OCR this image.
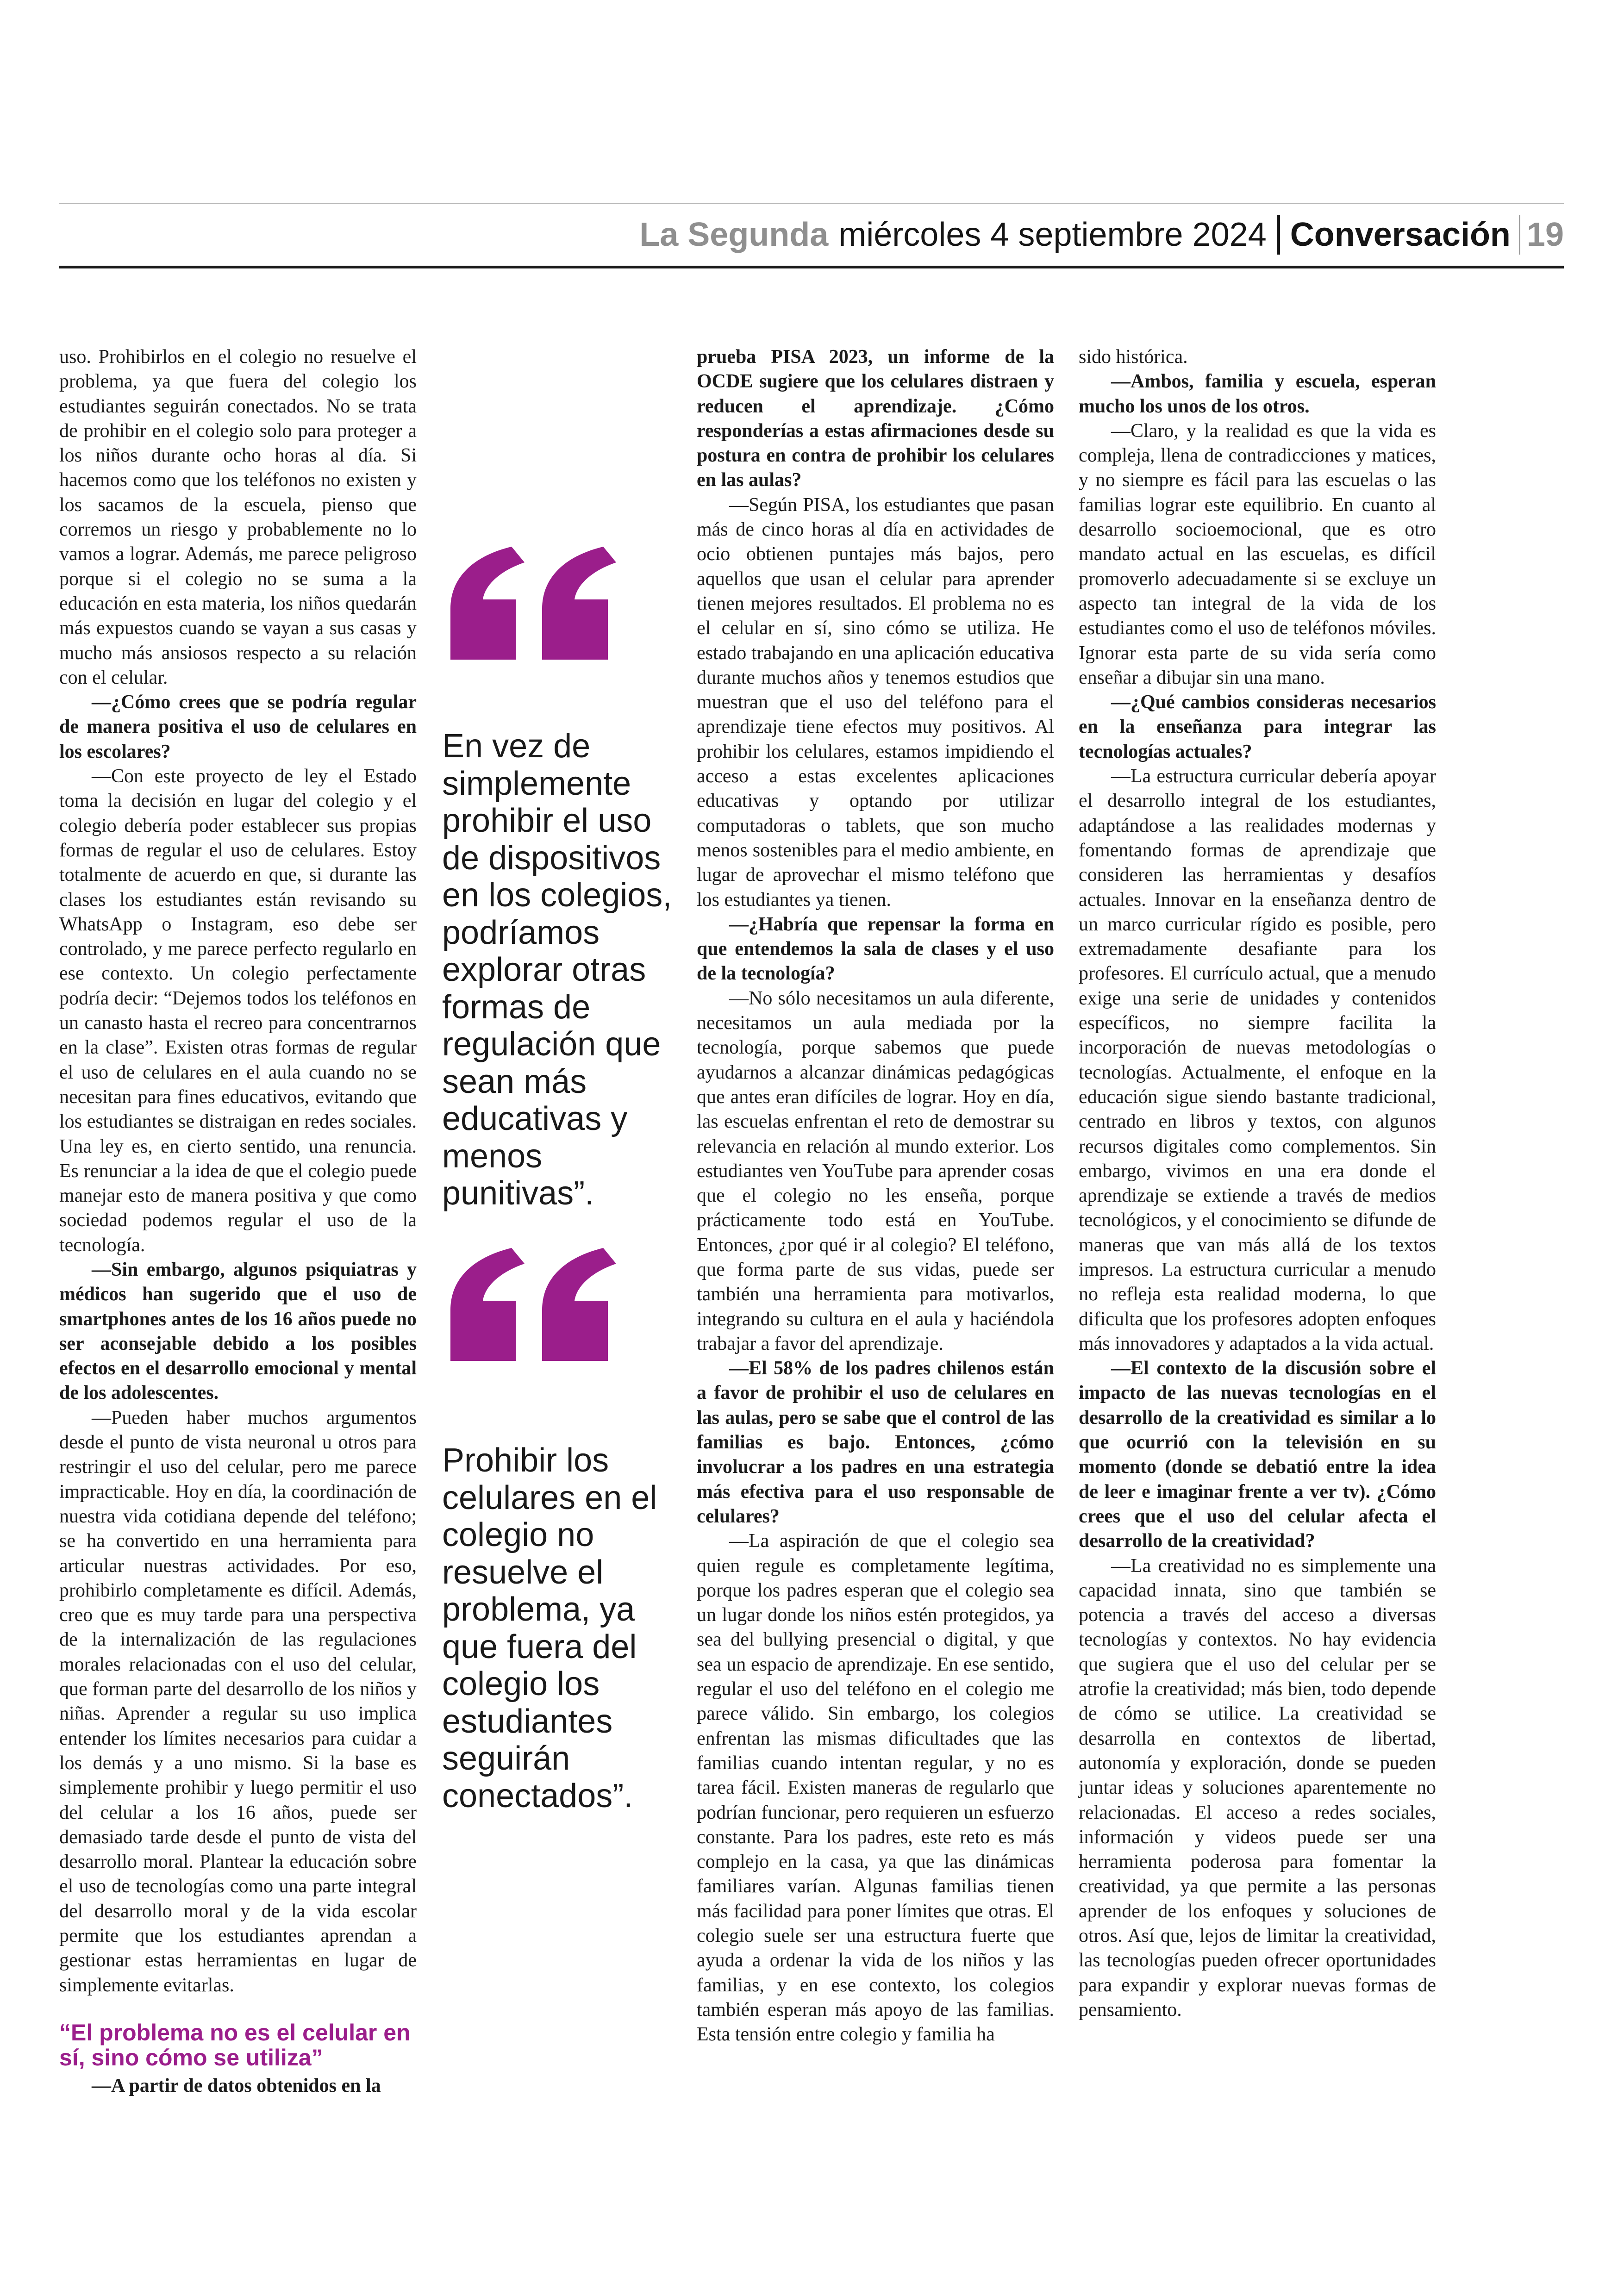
La Segunda miércoles 4 septiembre 2024 Conversación 19

uso. Prohibirlos en el colegio no resuelve el problema, ya que fuera del colegio los estudiantes seguirán conectados. No se trata de prohibir en el colegio solo para proteger a los niños durante ocho horas al día. Si hacemos como que los teléfonos no existen y los sacamos de la escuela, pienso que corremos un riesgo y probablemente no lo vamos a lograr. Además, me parece peligroso porque si el colegio no se suma a la educación en esta materia, los niños quedarán más expuestos cuando se vayan a sus casas y mucho más ansiosos respecto a su relación con el celular.

—¿Cómo crees que se podría regular de manera positiva el uso de celulares en los escolares?

—Con este proyecto de ley el Estado toma la decisión en lugar del colegio y el colegio debería poder establecer sus propias formas de regular el uso de celulares. Estoy totalmente de acuerdo en que, si durante las clases los estudiantes están revisando su WhatsApp o Instagram, eso debe ser controlado, y me parece perfecto regularlo en ese contexto. Un colegio perfectamente podría decir: “Dejemos todos los teléfonos en un canasto hasta el recreo para concentrarnos en la clase”. Existen otras formas de regular el uso de celulares en el aula cuando no se necesitan para fines educativos, evitando que los estudiantes se distraigan en redes sociales. Una ley es, en cierto sentido, una renuncia. Es renunciar a la idea de que el colegio puede manejar esto de manera positiva y que como sociedad podemos regular el uso de la tecnología.

—Sin embargo, algunos psiquiatras y médicos han sugerido que el uso de smartphones antes de los 16 años puede no ser aconsejable debido a los posibles efectos en el desarrollo emocional y mental de los adolescentes.

—Pueden haber muchos argumentos desde el punto de vista neuronal u otros para restringir el uso del celular, pero me parece impracticable. Hoy en día, la coordinación de nuestra vida cotidiana depende del teléfono; se ha convertido en una herramienta para articular nuestras actividades. Por eso, prohibirlo completamente es difícil. Además, creo que es muy tarde para una perspectiva de la internalización de las regulaciones morales relacionadas con el uso del celular, que forman parte del desarrollo de los niños y niñas. Aprender a regular su uso implica entender los límites necesarios para cuidar a los demás y a uno mismo. Si la base es simplemente prohibir y luego permitir el uso del celular a los 16 años, puede ser demasiado tarde desde el punto de vista del desarrollo moral. Plantear la educación sobre el uso de tecnologías como una parte integral del desarrollo moral y de la vida escolar permite que los estudiantes aprendan a gestionar estas herramientas en lugar de simplemente evitarlas.

“El problema no es el celular en sí, sino cómo se utiliza”

—A partir de datos obtenidos en la

En vez de simplemente prohibir el uso de dispositivos en los colegios, podríamos explorar otras formas de regulación que sean más educativas y menos punitivas”.
Prohibir los celulares en el colegio no resuelve el problema, ya que fuera del colegio los estudiantes seguirán conectados”.

prueba PISA 2023, un informe de la OCDE sugiere que los celulares distraen y reducen el aprendizaje. ¿Cómo responderías a estas afirmaciones desde su postura en contra de prohibir los celulares en las aulas?

—Según PISA, los estudiantes que pasan más de cinco horas al día en actividades de ocio obtienen puntajes más bajos, pero aquellos que usan el celular para aprender tienen mejores resultados. El problema no es el celular en sí, sino cómo se utiliza. He estado trabajando en una aplicación educativa durante muchos años y tenemos estudios que muestran que el uso del teléfono para el aprendizaje tiene efectos muy positivos. Al prohibir los celulares, estamos impidiendo el acceso a estas excelentes aplicaciones educativas y optando por utilizar computadoras o tablets, que son mucho menos sostenibles para el medio ambiente, en lugar de aprovechar el mismo teléfono que los estudiantes ya tienen.

—¿Habría que repensar la forma en que entendemos la sala de clases y el uso de la tecnología?

—No sólo necesitamos un aula diferente, necesitamos un aula mediada por la tecnología, porque sabemos que puede ayudarnos a alcanzar dinámicas pedagógicas que antes eran difíciles de lograr. Hoy en día, las escuelas enfrentan el reto de demostrar su relevancia en relación al mundo exterior. Los estudiantes ven YouTube para aprender cosas que el colegio no les enseña, porque prácticamente todo está en YouTube. Entonces, ¿por qué ir al colegio? El teléfono, que forma parte de sus vidas, puede ser también una herramienta para motivarlos, integrando su cultura en el aula y haciéndola trabajar a favor del aprendizaje.

—El 58% de los padres chilenos están a favor de prohibir el uso de celulares en las aulas, pero se sabe que el control de las familias es bajo. Entonces, ¿cómo involucrar a los padres en una estrategia más efectiva para el uso responsable de celulares?

—La aspiración de que el colegio sea quien regule es completamente legítima, porque los padres esperan que el colegio sea un lugar donde los niños estén protegidos, ya sea del bullying presencial o digital, y que sea un espacio de aprendizaje. En ese sentido, regular el uso del teléfono en el colegio me parece válido. Sin embargo, los colegios enfrentan las mismas dificultades que las familias cuando intentan regular, y no es tarea fácil. Existen maneras de regularlo que podrían funcionar, pero requieren un esfuerzo constante. Para los padres, este reto es más complejo en la casa, ya que las dinámicas familiares varían. Algunas familias tienen más facilidad para poner límites que otras. El colegio suele ser una estructura fuerte que ayuda a ordenar la vida de los niños y las familias, y en ese contexto, los colegios también esperan más apoyo de las familias. Esta tensión entre colegio y familia ha

sido histórica.

—Ambos, familia y escuela, esperan mucho los unos de los otros.

—Claro, y la realidad es que la vida es compleja, llena de contradicciones y matices, y no siempre es fácil para las escuelas o las familias lograr este equilibrio. En cuanto al desarrollo socioemocional, que es otro mandato actual en las escuelas, es difícil promoverlo adecuadamente si se excluye un aspecto tan integral de la vida de los estudiantes como el uso de teléfonos móviles. Ignorar esta parte de su vida sería como enseñar a dibujar sin una mano.

—¿Qué cambios consideras necesarios en la enseñanza para integrar las tecnologías actuales?

—La estructura curricular debería apoyar el desarrollo integral de los estudiantes, adaptándose a las realidades modernas y fomentando formas de aprendizaje que consideren las herramientas y desafíos actuales. Innovar en la enseñanza dentro de un marco curricular rígido es posible, pero extremadamente desafiante para los profesores. El currículo actual, que a menudo exige una serie de unidades y contenidos específicos, no siempre facilita la incorporación de nuevas metodologías o tecnologías. Actualmente, el enfoque en la educación sigue siendo bastante tradicional, centrado en libros y textos, con algunos recursos digitales como complementos. Sin embargo, vivimos en una era donde el aprendizaje se extiende a través de medios tecnológicos, y el conocimiento se difunde de maneras que van más allá de los textos impresos. La estructura curricular a menudo no refleja esta realidad moderna, lo que dificulta que los profesores adopten enfoques más innovadores y adaptados a la vida actual.

—El contexto de la discusión sobre el impacto de las nuevas tecnologías en el desarrollo de la creatividad es similar a lo que ocurrió con la televisión en su momento (donde se debatió entre la idea de leer e imaginar frente a ver tv). ¿Cómo crees que el uso del celular afecta el desarrollo de la creatividad?

—La creatividad no es simplemente una capacidad innata, sino que también se potencia a través del acceso a diversas tecnologías y contextos. No hay evidencia que sugiera que el uso del celular per se atrofie la creatividad; más bien, todo depende de cómo se utilice. La creatividad se desarrolla en contextos de libertad, autonomía y exploración, donde se pueden juntar ideas y soluciones aparentemente no relacionadas. El acceso a redes sociales, información y videos puede ser una herramienta poderosa para fomentar la creatividad, ya que permite a las personas aprender de los enfoques y soluciones de otros. Así que, lejos de limitar la creatividad, las tecnologías pueden ofrecer oportunidades para expandir y explorar nuevas formas de pensamiento.
